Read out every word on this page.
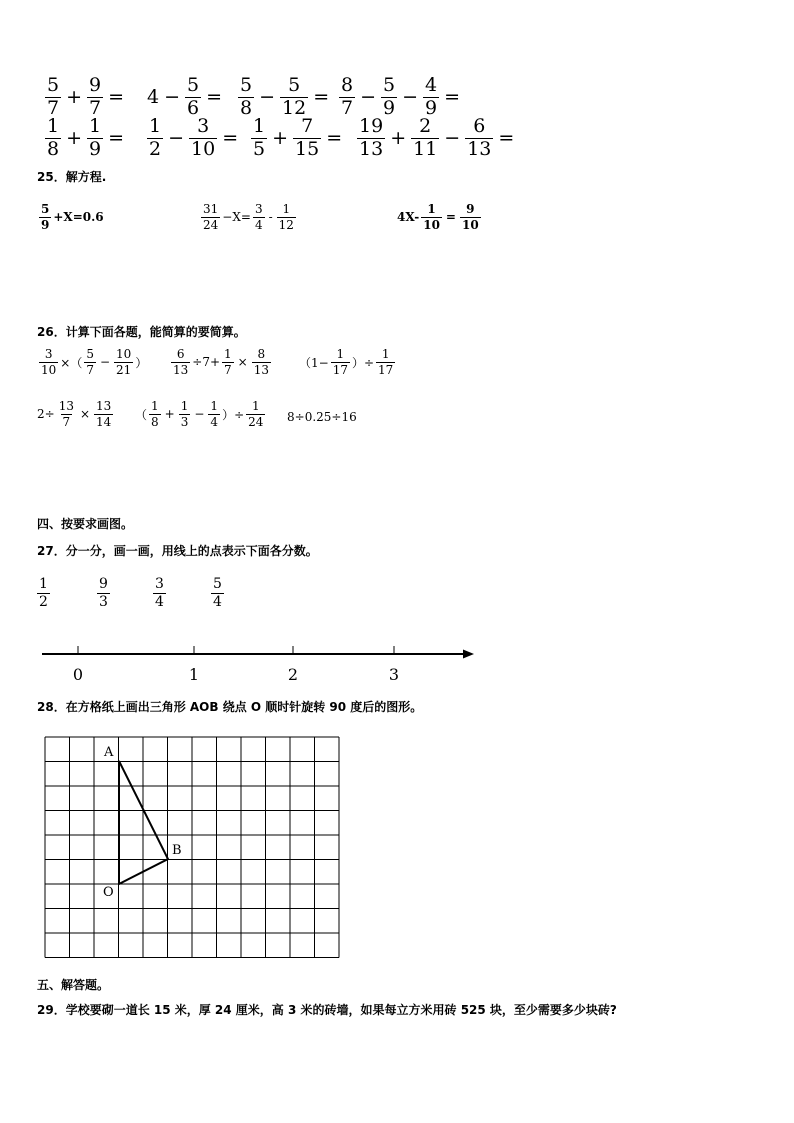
$\frac{5}{7} + \frac{9}{7} = 4 - \frac{5}{6} = \frac{5}{8} - \frac{5}{12} = \frac{8}{7} - \frac{5}{9} - \frac{4}{9}$ =
$\frac{1}{8} + \frac{1}{9} = \frac{1}{2} - \frac{3}{10} = \frac{1}{5} + \frac{7}{15} = \frac{19}{13} + \frac{2}{11} - \frac{6}{13}$ =
25．解方程.
$\frac{5}{9} +X=0.6$	$\frac{31}{24} -X= \frac{3}{4} - \frac{1}{12}$	$4X- \frac{1}{10} = \frac{9}{10}$
26．计算下面各题，能简算的要简算。
$\frac{3}{10}$ ×（ $\frac{5}{7} - \frac{10}{21}$ ） $\frac{6}{13} \div 7+ \frac{1}{7} \times \frac{8}{13} (1- \frac{1}{17}$ ）÷ $\frac{1}{17}$
$2\div \frac{13}{7} \times \frac{13}{14}$ （ $\frac{1}{8} + \frac{1}{3} - \frac{1}{4}$ ）÷ $\frac{1}{24} 8\div 0.25\div 16$
四、按要求画图。
27．分一分，画一画，用线上的点表示下面各分数。
$\frac{1}{2}$	$\frac{9}{3}$	$\frac{3}{4}$	$\frac{5}{4}$
0	1	2	3
28．在方格纸上画出三角形 AOB 绕点 O 顺时针旋转 90 度后的图形。
A
B
O
五、解答题。
29．学校要砌一道长 15 米，厚 24 厘米，高 3 米的砖墙，如果每立方米用砖 525 块，至少需要多少块砖?
